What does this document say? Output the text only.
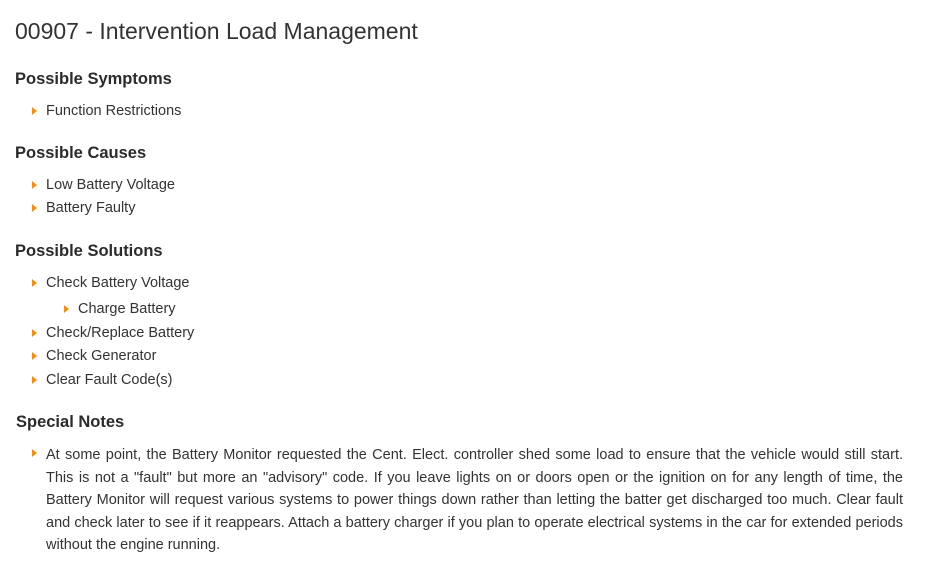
00907 - Intervention Load Management
Possible Symptoms
Function Restrictions
Possible Causes
Low Battery Voltage
Battery Faulty
Possible Solutions
Check Battery Voltage
Charge Battery
Check/Replace Battery
Check Generator
Clear Fault Code(s)
Special Notes

At some point, the Battery Monitor requested the Cent. Elect. controller shed some load to ensure that the vehicle would still start. This is not a "fault" but more an "advisory" code. If you leave lights on or doors open or the ignition on for any length of time, the Battery Monitor will request various systems to power things down rather than letting the batter get discharged too much. Clear fault and check later to see if it reappears. Attach a battery charger if you plan to operate electrical systems in the car for extended periods without the engine running.
